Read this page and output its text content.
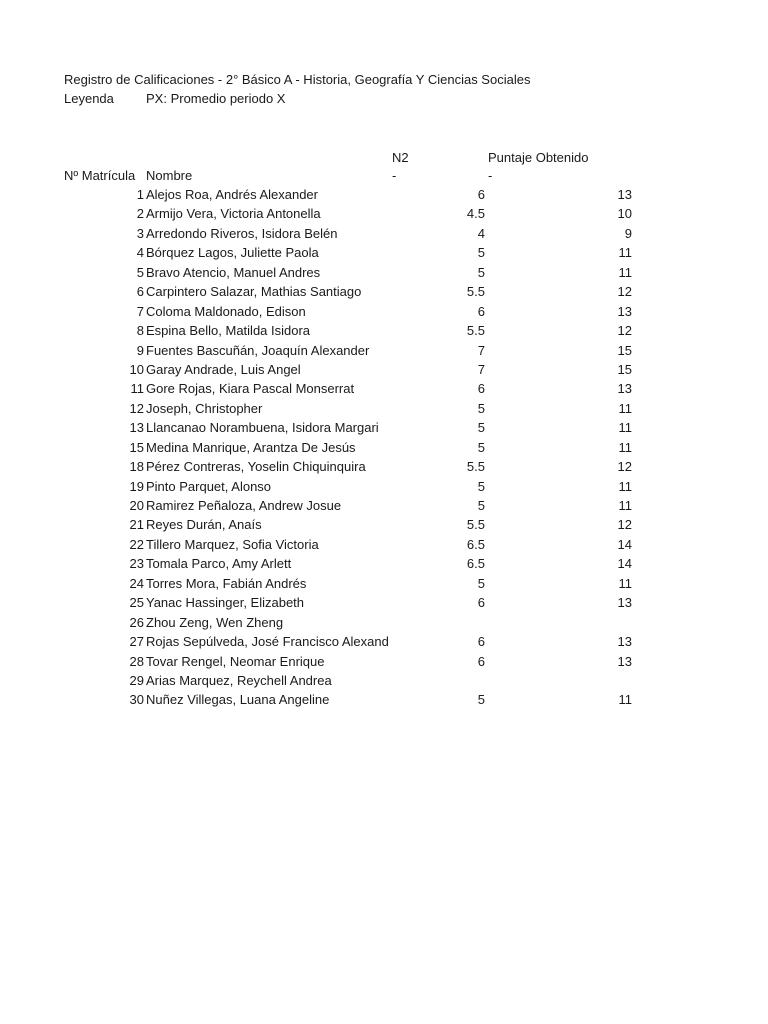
Registro de Calificaciones - 2° Básico A - Historia, Geografía Y Ciencias Sociales
Leyenda PX: Promedio periodo X
N2	Puntaje Obtenido
Nº Matrícula Nombre	-	-
1 Alejos Roa, Andrés Alexander	6	13
2 Armijo Vera, Victoria Antonella	4.5	10
3 Arredondo Riveros, Isidora Belén	4	9
4 Bórquez Lagos, Juliette Paola	5	11
5 Bravo Atencio, Manuel Andres	5	11
6 Carpintero Salazar, Mathias Santiago	5.5	12
7 Coloma Maldonado, Edison	6	13
8 Espina Bello, Matilda Isidora	5.5	12
9 Fuentes Bascuñán, Joaquín Alexander	7	15
10 Garay Andrade, Luis Angel	7	15
11 Gore Rojas, Kiara Pascal Monserrat	6	13
12 Joseph, Christopher	5	11
13 Llancanao Norambuena, Isidora Margari	5	11
15 Medina Manrique, Arantza De Jesús	5	11
18 Pérez Contreras, Yoselin Chiquinquira	5.5	12
19 Pinto Parquet, Alonso	5	11
20 Ramirez Peñaloza, Andrew Josue	5	11
21 Reyes Durán, Anaís	5.5	12
22 Tillero Marquez, Sofia Victoria	6.5	14
23 Tomala Parco, Amy Arlett	6.5	14
24 Torres Mora, Fabián Andrés	5	11
25 Yanac Hassinger, Elizabeth	6	13
26 Zhou Zeng, Wen Zheng
27 Rojas Sepúlveda, José Francisco Alexand	6	13
28 Tovar Rengel, Neomar Enrique	6	13
29 Arias Marquez, Reychell Andrea
30 Nuñez Villegas, Luana Angeline	5	11
